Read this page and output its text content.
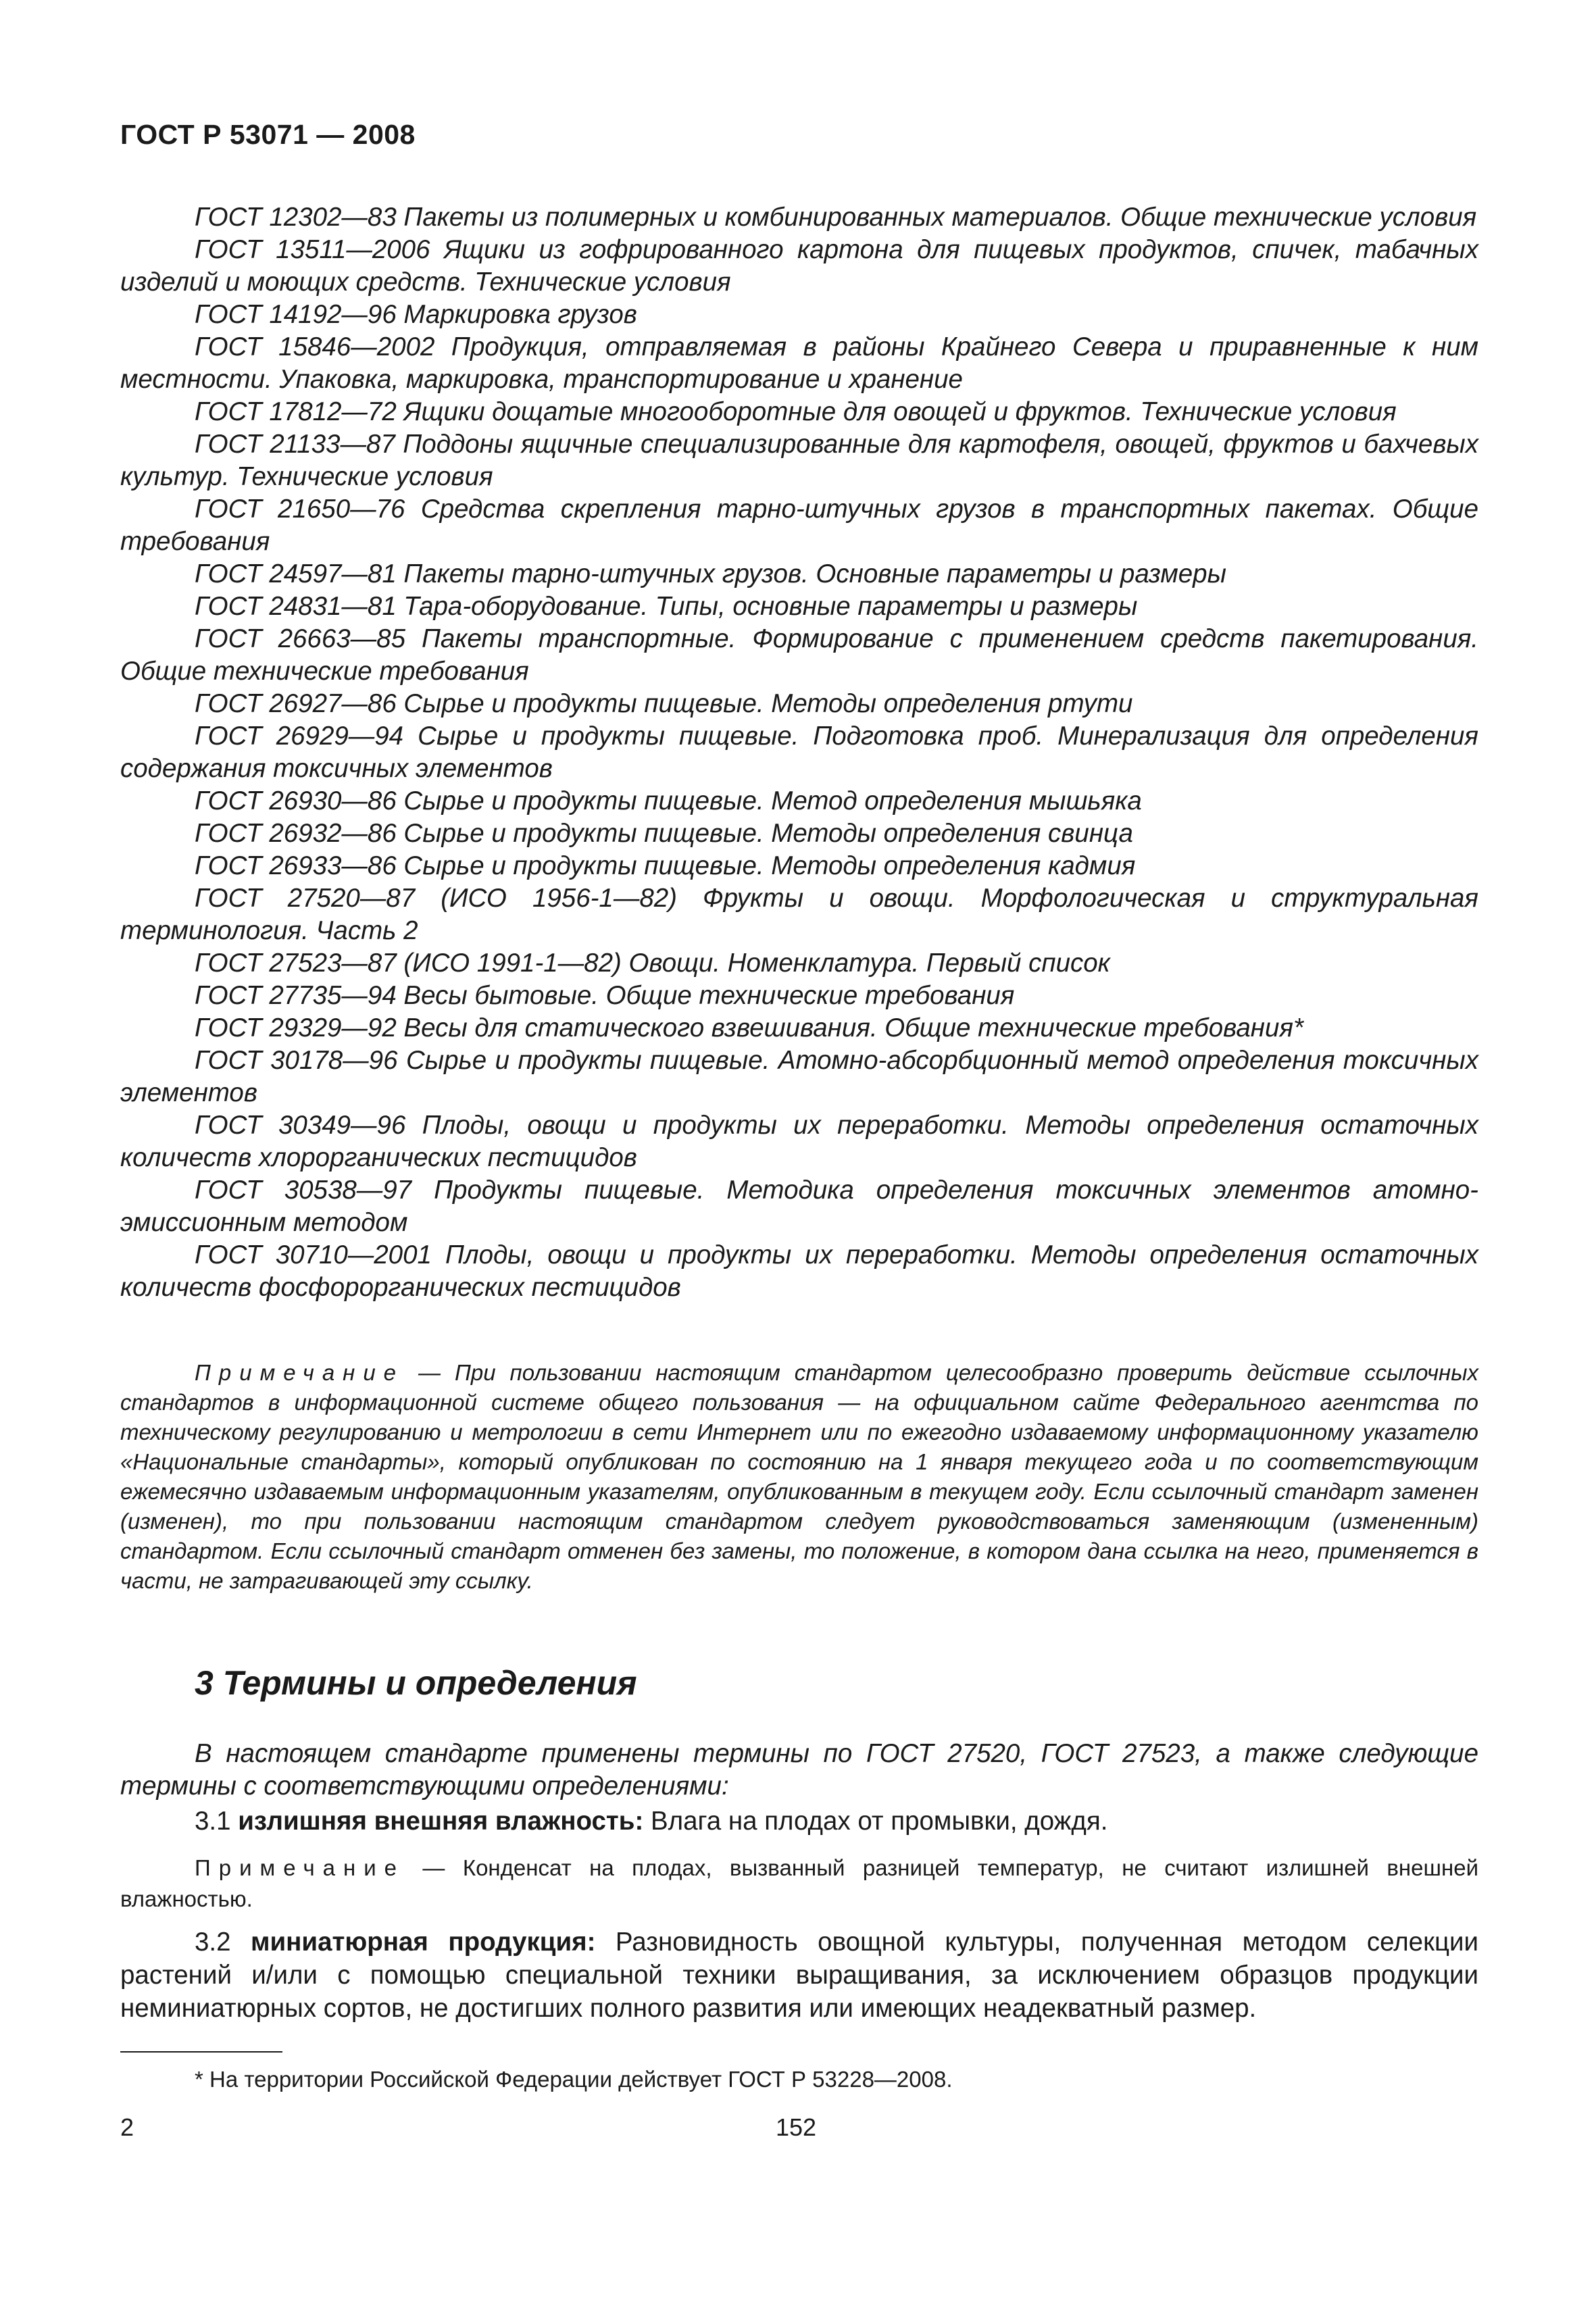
ГОСТ Р 53071 — 2008

ГОСТ 12302—83 Пакеты из полимерных и комбинированных материалов. Общие технические условия

ГОСТ 13511—2006 Ящики из гофрированного картона для пищевых продуктов, спичек, табачных изделий и моющих средств. Технические условия

ГОСТ 14192—96 Маркировка грузов

ГОСТ 15846—2002 Продукция, отправляемая в районы Крайнего Севера и приравненные к ним местности. Упаковка, маркировка, транспортирование и хранение

ГОСТ 17812—72 Ящики дощатые многооборотные для овощей и фруктов. Технические условия

ГОСТ 21133—87 Поддоны ящичные специализированные для картофеля, овощей, фруктов и бахчевых культур. Технические условия

ГОСТ 21650—76 Средства скрепления тарно-штучных грузов в транспортных пакетах. Общие требования

ГОСТ 24597—81 Пакеты тарно-штучных грузов. Основные параметры и размеры

ГОСТ 24831—81 Тара-оборудование. Типы, основные параметры и размеры

ГОСТ 26663—85 Пакеты транспортные. Формирование с применением средств пакетирования. Общие технические требования

ГОСТ 26927—86 Сырье и продукты пищевые. Методы определения ртути

ГОСТ 26929—94 Сырье и продукты пищевые. Подготовка проб. Минерализация для определения содержания токсичных элементов

ГОСТ 26930—86 Сырье и продукты пищевые. Метод определения мышьяка

ГОСТ 26932—86 Сырье и продукты пищевые. Методы определения свинца

ГОСТ 26933—86 Сырье и продукты пищевые. Методы определения кадмия

ГОСТ 27520—87 (ИСО 1956-1—82) Фрукты и овощи. Морфологическая и структуральная терминология. Часть 2

ГОСТ 27523—87 (ИСО 1991-1—82) Овощи. Номенклатура. Первый список

ГОСТ 27735—94 Весы бытовые. Общие технические требования

ГОСТ 29329—92 Весы для статического взвешивания. Общие технические требования*

ГОСТ 30178—96 Сырье и продукты пищевые. Атомно-абсорбционный метод определения токсичных элементов

ГОСТ 30349—96 Плоды, овощи и продукты их переработки. Методы определения остаточных количеств хлорорганических пестицидов

ГОСТ 30538—97 Продукты пищевые. Методика определения токсичных элементов атомно-эмиссионным методом

ГОСТ 30710—2001 Плоды, овощи и продукты их переработки. Методы определения остаточных количеств фосфорорганических пестицидов

Примечание — При пользовании настоящим стандартом целесообразно проверить действие ссылочных стандартов в информационной системе общего пользования — на официальном сайте Федерального агентства по техническому регулированию и метрологии в сети Интернет или по ежегодно издаваемому информационному указателю «Национальные стандарты», который опубликован по состоянию на 1 января текущего года и по соответствующим ежемесячно издаваемым информационным указателям, опубликованным в текущем году. Если ссылочный стандарт заменен (изменен), то при пользовании настоящим стандартом следует руководствоваться заменяющим (измененным) стандартом. Если ссылочный стандарт отменен без замены, то положение, в котором дана ссылка на него, применяется в части, не затрагивающей эту ссылку.

3 Термины и определения

В настоящем стандарте применены термины по ГОСТ 27520, ГОСТ 27523, а также следующие термины с соответствующими определениями:

3.1 излишняя внешняя влажность: Влага на плодах от промывки, дождя.

Примечание — Конденсат на плодах, вызванный разницей температур, не считают излишней внешней влажностью.

3.2 миниатюрная продукция: Разновидность овощной культуры, полученная методом селекции растений и/или с помощью специальной техники выращивания, за исключением образцов продукции неминиатюрных сортов, не достигших полного развития или имеющих неадекватный размер.

* На территории Российской Федерации действует ГОСТ Р 53228—2008.

2	152
